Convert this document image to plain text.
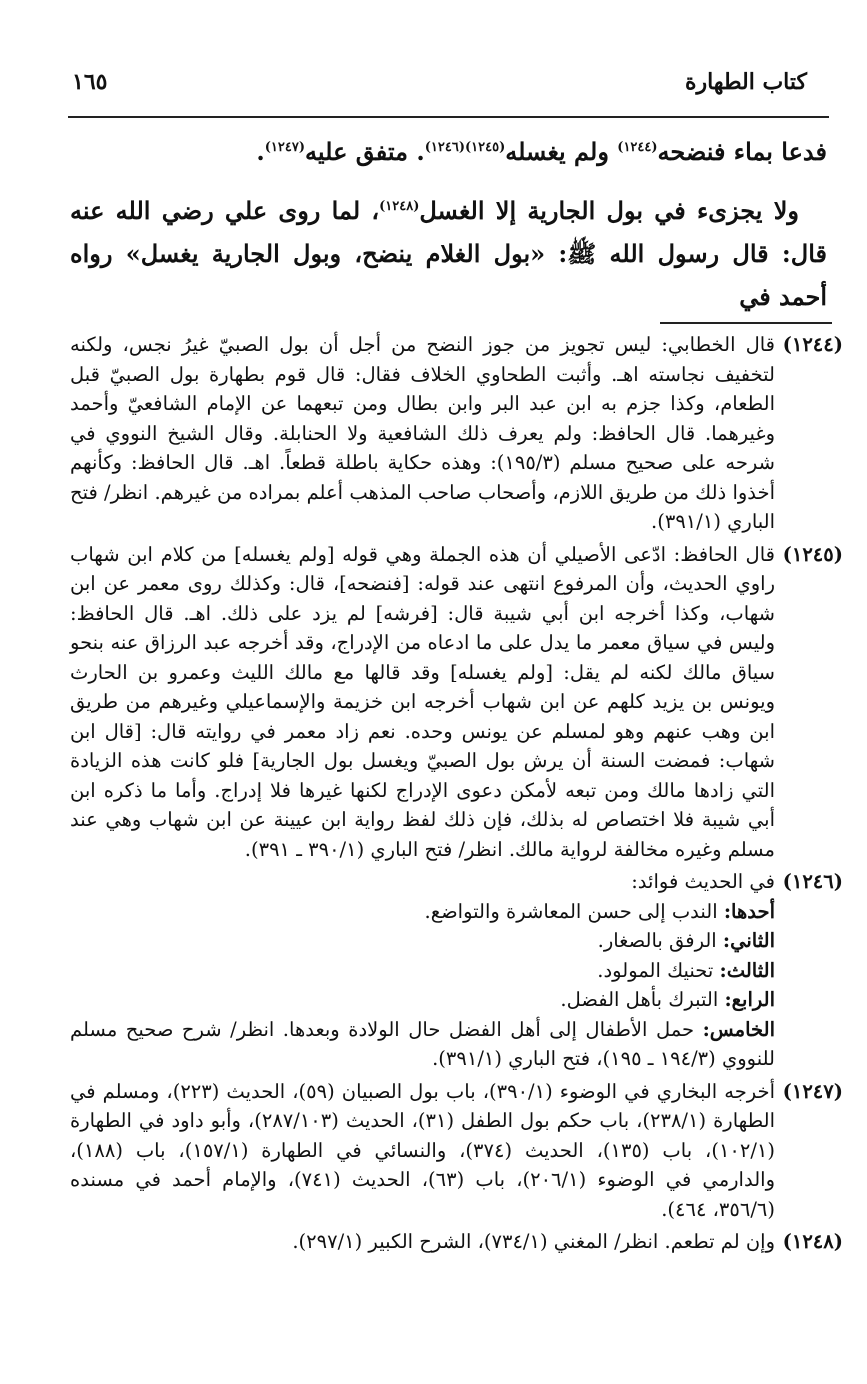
كتاب الطهارة
١٦٥

فدعا بماء فنضحه$^{(١٢٤٤)}$ ولم يغسله$^{(١٢٤٥)(١٢٤٦)}$. متفق عليه$^{(١٢٤٧)}$.

ولا يجزىء في بول الجارية إلا الغسل$^{(١٢٤٨)}$، لما روى علي رضي الله عنه قال: قال رسول الله ﷺ: «بول الغلام ينضح، وبول الجارية يغسل» رواه أحمد في

(١٢٤٤)
قال الخطابي: ليس تجويز من جوز النضح من أجل أن بول الصبيّ غيرُ نجس، ولكنه لتخفيف نجاسته اهـ. وأثبت الطحاوي الخلاف فقال: قال قوم بطهارة بول الصبيّ قبل الطعام، وكذا جزم به ابن عبد البر وابن بطال ومن تبعهما عن الإمام الشافعيّ وأحمد وغيرهما. قال الحافظ: ولم يعرف ذلك الشافعية ولا الحنابلة. وقال الشيخ النووي في شرحه على صحيح مسلم (١٩٥/٣): وهذه حكاية باطلة قطعاً. اهـ. قال الحافظ: وكأنهم أخذوا ذلك من طريق اللازم، وأصحاب صاحب المذهب أعلم بمراده من غيرهم. انظر/ فتح الباري (٣٩١/١).
(١٢٤٥)
قال الحافظ: ادّعى الأصيلي أن هذه الجملة وهي قوله [ولم يغسله] من كلام ابن شهاب راوي الحديث، وأن المرفوع انتهى عند قوله: [فنضحه]، قال: وكذلك روى معمر عن ابن شهاب، وكذا أخرجه ابن أبي شيبة قال: [فرشه] لم يزد على ذلك. اهـ. قال الحافظ: وليس في سياق معمر ما يدل على ما ادعاه من الإدراج، وقد أخرجه عبد الرزاق عنه بنحو سياق مالك لكنه لم يقل: [ولم يغسله] وقد قالها مع مالك الليث وعمرو بن الحارث ويونس بن يزيد كلهم عن ابن شهاب أخرجه ابن خزيمة والإسماعيلي وغيرهم من طريق ابن وهب عنهم وهو لمسلم عن يونس وحده. نعم زاد معمر في روايته قال: [قال ابن شهاب: فمضت السنة أن يرش بول الصبيّ ويغسل بول الجارية] فلو كانت هذه الزيادة التي زادها مالك ومن تبعه لأمكن دعوى الإدراج لكنها غيرها فلا إدراج. وأما ما ذكره ابن أبي شيبة فلا اختصاص له بذلك، فإن ذلك لفظ رواية ابن عيينة عن ابن شهاب وهي عند مسلم وغيره مخالفة لرواية مالك. انظر/ فتح الباري (٣٩٠/١ ـ ٣٩١).
(١٢٤٦)

في الحديث فوائد:

أحدها: الندب إلى حسن المعاشرة والتواضع.

الثاني: الرفق بالصغار.

الثالث: تحنيك المولود.

الرابع: التبرك بأهل الفضل.

الخامس: حمل الأطفال إلى أهل الفضل حال الولادة وبعدها. انظر/ شرح صحيح مسلم للنووي (١٩٤/٣ ـ ١٩٥)، فتح الباري (٣٩١/١).

(١٢٤٧)
أخرجه البخاري في الوضوء (٣٩٠/١)، باب بول الصبيان (٥٩)، الحديث (٢٢٣)، ومسلم في الطهارة (٢٣٨/١)، باب حكم بول الطفل (٣١)، الحديث (٢٨٧/١٠٣)، وأبو داود في الطهارة (١٠٢/١)، باب (١٣٥)، الحديث (٣٧٤)، والنسائي في الطهارة (١٥٧/١)، باب (١٨٨)، والدارمي في الوضوء (٢٠٦/١)، باب (٦٣)، الحديث (٧٤١)، والإمام أحمد في مسنده (٣٥٦/٦، ٤٦٤).
(١٢٤٨)
وإن لم تطعم. انظر/ المغني (٧٣٤/١)، الشرح الكبير (٢٩٧/١).
